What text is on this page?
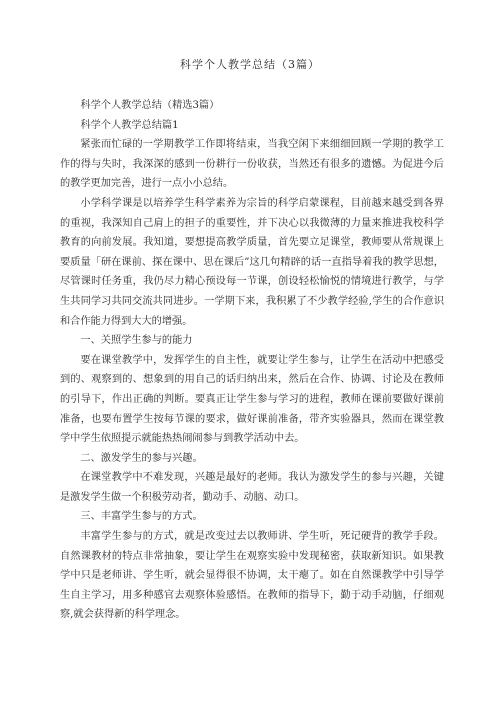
科学个人教学总结（3篇）

科学个人教学总结（精选3篇）

科学个人教学总结篇1

紧张而忙碌的一学期教学工作即将结束，当我空闲下来细细回顾一学期的教学工作的得与失时，我深深的感到一份耕行一份收获，当然还有很多的遗憾。为促进今后的教学更加完善，进行一点小小总结。

小学科学课是以培养学生科学素养为宗旨的科学启蒙课程，目前越来越受到各界的重视，我深知自己肩上的担子的重要性，并下决心以我微薄的力量来推进我校科学教育的向前发展。我知道，要想提高教学质量，首先要立足课堂，教师要从常规课上要质量「研在课前、探在课中、思在课后”这几句精辟的话一直指导着我的教学思想，尽管课时任务重，我仍尽力精心预设每一节课，创设轻松愉悦的情境进行教学，与学生共同学习共同交流共同进步。一学期下来，我积累了不少教学经验,学生的合作意识和合作能力得到大大的增强。

一、关照学生参与的能力

要在课堂教学中，发挥学生的自主性，就要让学生参与，让学生在活动中把感受到的、观察到的、想象到的用自己的话归纳出来，然后在合作、协调、讨论及在教师的引导下，作出正确的判断。要真正让学生参与学习的进程，教师在课前要做好课前准备，也要布置学生按每节课的要求，做好课前准备，带齐实验器具，然而在课堂教学中学生依照提示就能热热闹闹参与到教学活动中去。

二、激发学生的参与兴趣。

在课堂教学中不难发现，兴趣是最好的老师。我认为激发学生的参与兴趣，关键是激发学生做一个积极劳动者，勤动手、动脑、动口。

三、丰富学生参与的方式。

丰富学生参与的方式，就是改变过去以教师讲、学生听，死记硬背的教学手段。自然课教材的特点非常抽象，要让学生在观察实验中发现秘密，获取新知识。如果教学中只是老师讲、学生听，就会显得很不协调，太干瘪了。如在自然课教学中引导学生自主学习，用多种感官去观察体验感悟。在教师的指导下，勤于动手动脑，仔细观察,就会获得新的科学理念。
